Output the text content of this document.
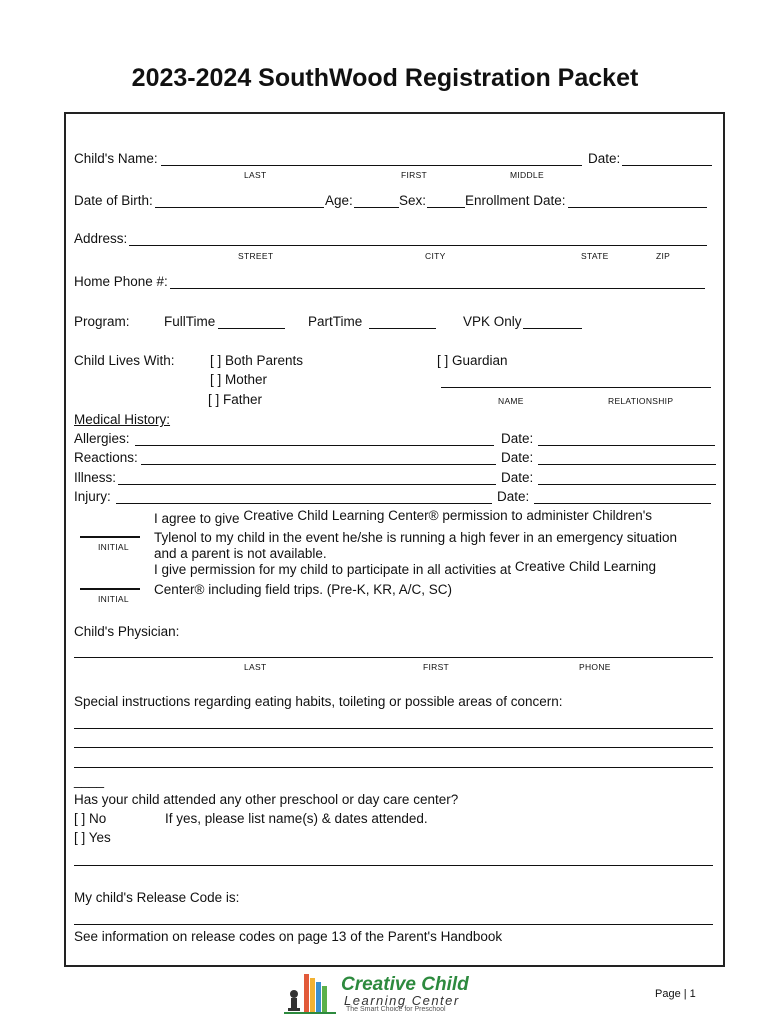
2023-2024 SouthWood Registration Packet
Child's Name:	Date:
LAST	FIRST	MIDDLE
Date of Birth:	Age:	Sex:	Enrollment Date:
Address:
STREET	CITY	STATE	ZIP
Home Phone #:
Program:	FullTime	PartTime	VPK Only
Child Lives With:	[ ] Both Parents
[ ] Mother
[ ] Father
[ ] Guardian
NAME	RELATIONSHIP
Medical History:
Allergies:	Date:
Reactions:	Date:
Illness:	Date:
Injury:	Date:
INITIAL
I agree to give Creative Child Learning Center® permission to administer Children's
Tylenol to my child in the event he/she is running a high fever in an emergency situation
and a parent is not available.
INITIAL
I give permission for my child to participate in all activities at Creative Child Learning
Center® including field trips. (Pre-K, KR, A/C, SC)
Child's Physician:
LAST	FIRST	PHONE
Special instructions regarding eating habits, toileting or possible areas of concern:
____
Has your child attended any other preschool or day care center?
[ ] No	If yes, please list name(s) & dates attended.
[ ] Yes
My child's Release Code is:
See information on release codes on page 13 of the Parent's Handbook
Creative Child
Learning Center
The Smart Choice for Preschool
Page | 1
